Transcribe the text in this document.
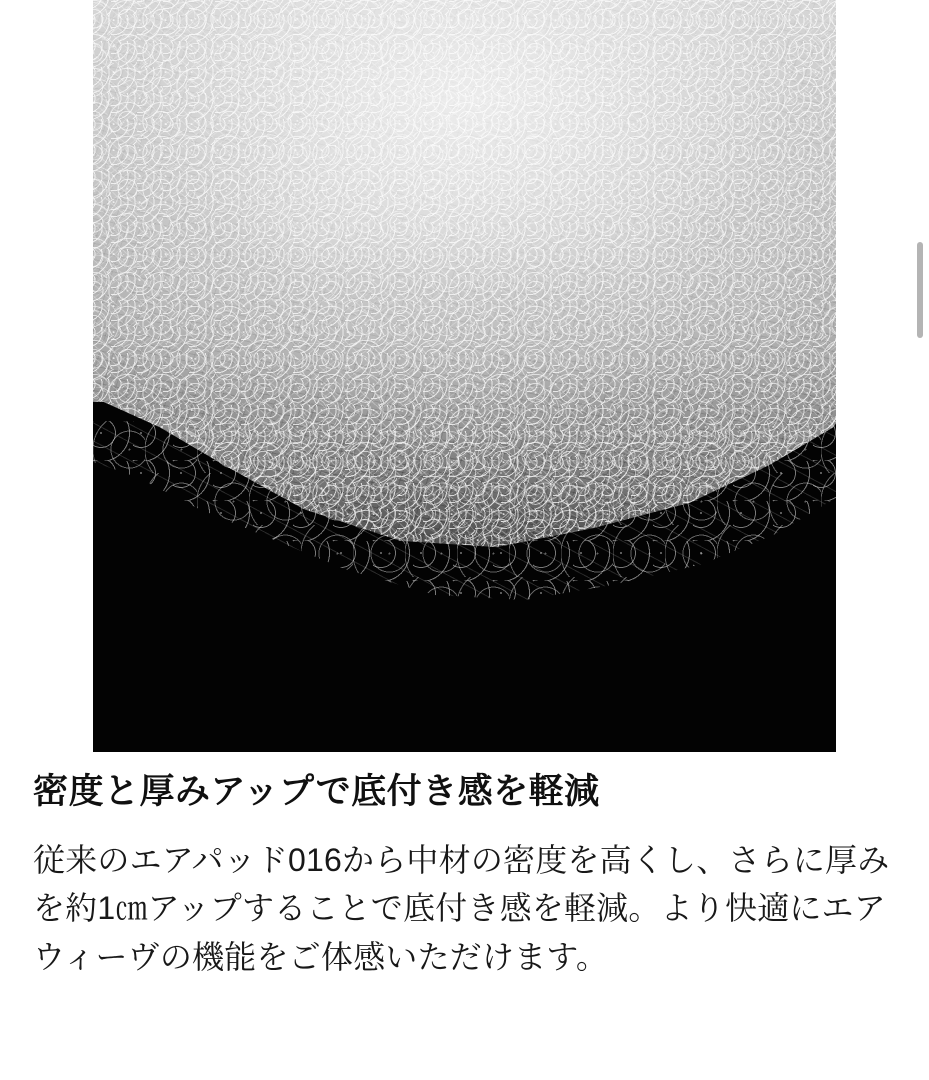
密度と厚みアップで底付き感を軽減

従来のエアパッド016から中材の密度を高くし、さらに厚みを約1㎝アップすることで底付き感を軽減。より快適にエアウィーヴの機能をご体感いただけます。
